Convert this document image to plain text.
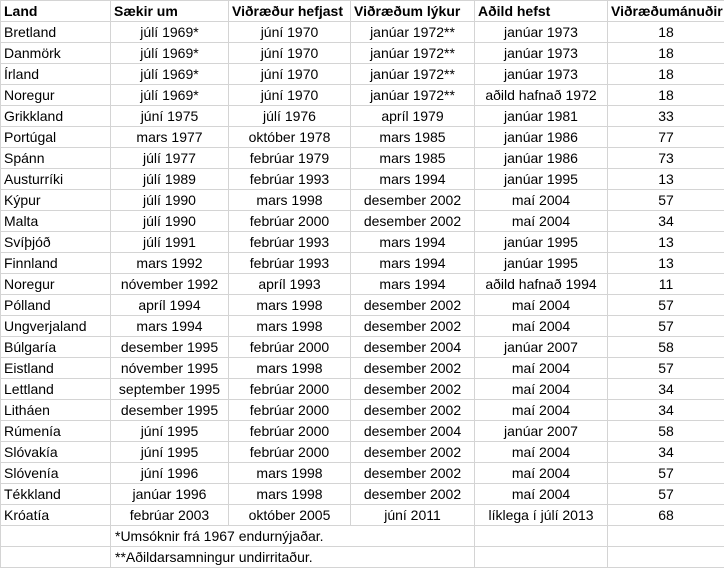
Land	Sækir um	Viðræður hefjast	Viðræðum lýkur	Aðild hefst	Viðræðumánuðir
Bretland	júlí 1969*	júní 1970	janúar 1972**	janúar 1973	18
Danmörk	júlí 1969*	júní 1970	janúar 1972**	janúar 1973	18
Írland	júlí 1969*	júní 1970	janúar 1972**	janúar 1973	18
Noregur	júlí 1969*	júní 1970	janúar 1972**	aðild hafnað 1972	18
Grikkland	júní 1975	júlí 1976	apríl 1979	janúar 1981	33
Portúgal	mars 1977	október 1978	mars 1985	janúar 1986	77
Spánn	júlí 1977	febrúar 1979	mars 1985	janúar 1986	73
Austurríki	júlí 1989	febrúar 1993	mars 1994	janúar 1995	13
Kýpur	júlí 1990	mars 1998	desember 2002	maí 2004	57
Malta	júlí 1990	febrúar 2000	desember 2002	maí 2004	34
Svíþjóð	júlí 1991	febrúar 1993	mars 1994	janúar 1995	13
Finnland	mars 1992	febrúar 1993	mars 1994	janúar 1995	13
Noregur	nóvember 1992	apríl 1993	mars 1994	aðild hafnað 1994	11
Pólland	apríl 1994	mars 1998	desember 2002	maí 2004	57
Ungverjaland	mars 1994	mars 1998	desember 2002	maí 2004	57
Búlgaría	desember 1995	febrúar 2000	desember 2004	janúar 2007	58
Eistland	nóvember 1995	mars 1998	desember 2002	maí 2004	57
Lettland	september 1995	febrúar 2000	desember 2002	maí 2004	34
Litháen	desember 1995	febrúar 2000	desember 2002	maí 2004	34
Rúmenía	júní 1995	febrúar 2000	desember 2004	janúar 2007	58
Slóvakía	júní 1995	febrúar 2000	desember 2002	maí 2004	34
Slóvenía	júní 1996	mars 1998	desember 2002	maí 2004	57
Tékkland	janúar 1996	mars 1998	desember 2002	maí 2004	57
Króatía	febrúar 2003	október 2005	júní 2011	líklega í júlí 2013	68
	*Umsóknir frá 1967 endurnýjaðar.				
	**Aðildarsamningur undirritaður.				
